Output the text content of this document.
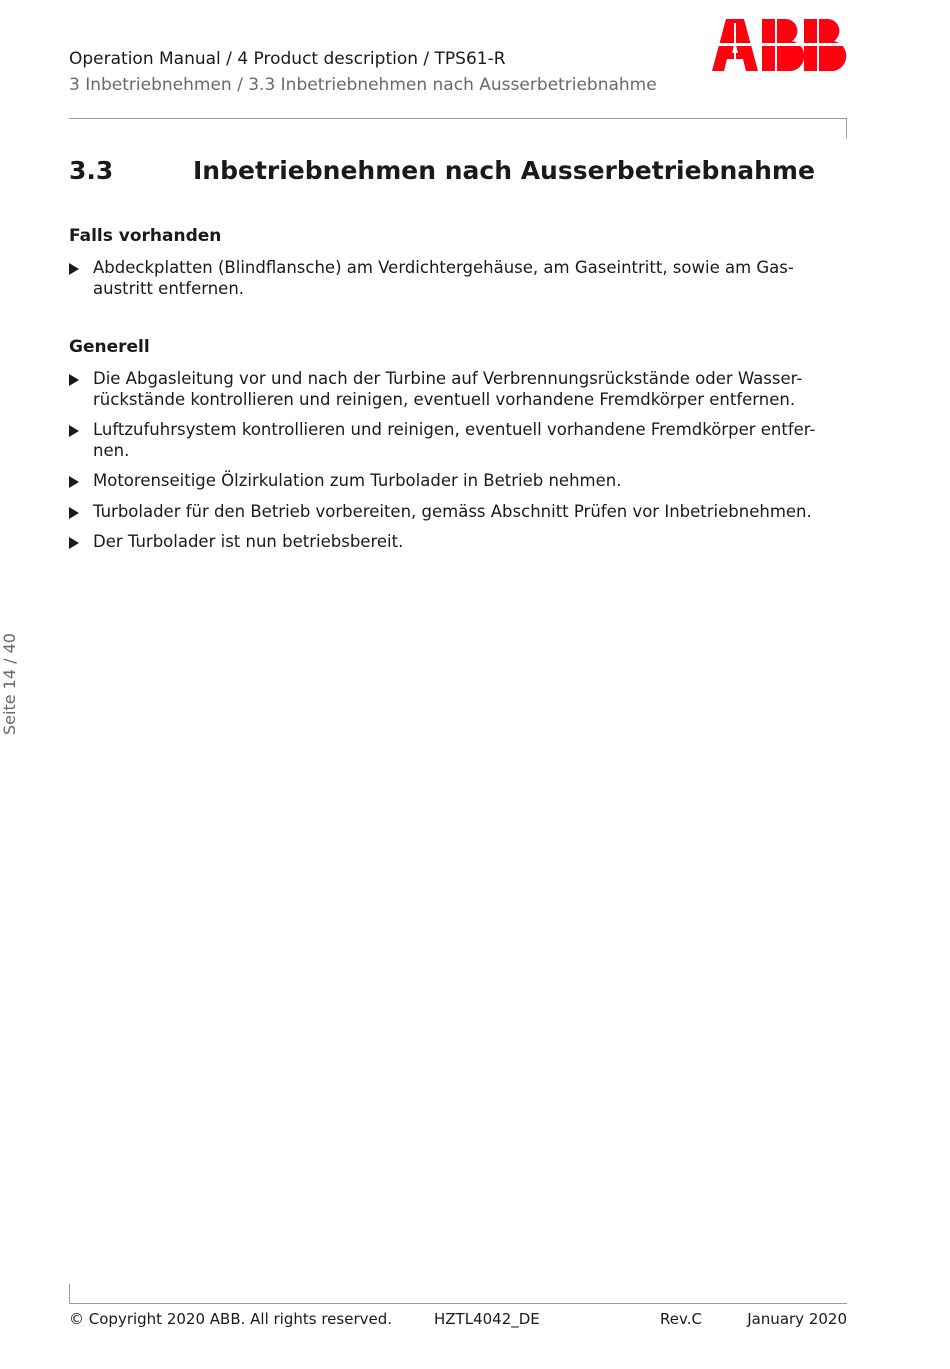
Operation Manual / 4 Product description / TPS61-R
3 Inbetriebnehmen / 3.3 Inbetriebnehmen nach Ausserbetriebnahme
3.3	Inbetriebnehmen nach Ausserbetriebnahme
Falls vorhanden
Abdeckplatten (Blindflansche) am Verdichtergehäuse, am Gaseintritt, sowie am Gas-austritt entfernen.
Generell
Die Abgasleitung vor und nach der Turbine auf Verbrennungsrückstände oder Wasser-rückstände kontrollieren und reinigen, eventuell vorhandene Fremdkörper entfernen.
Luftzufuhrsystem kontrollieren und reinigen, eventuell vorhandene Fremdkörper entfer-nen.
Motorenseitige Ölzirkulation zum Turbolader in Betrieb nehmen.
Turbolader für den Betrieb vorbereiten, gemäss Abschnitt Prüfen vor Inbetriebnehmen.
Der Turbolader ist nun betriebsbereit.
Seite 14 / 40
© Copyright 2020 ABB. All rights reserved.	HZTL4042_DE	Rev.C	January 2020
